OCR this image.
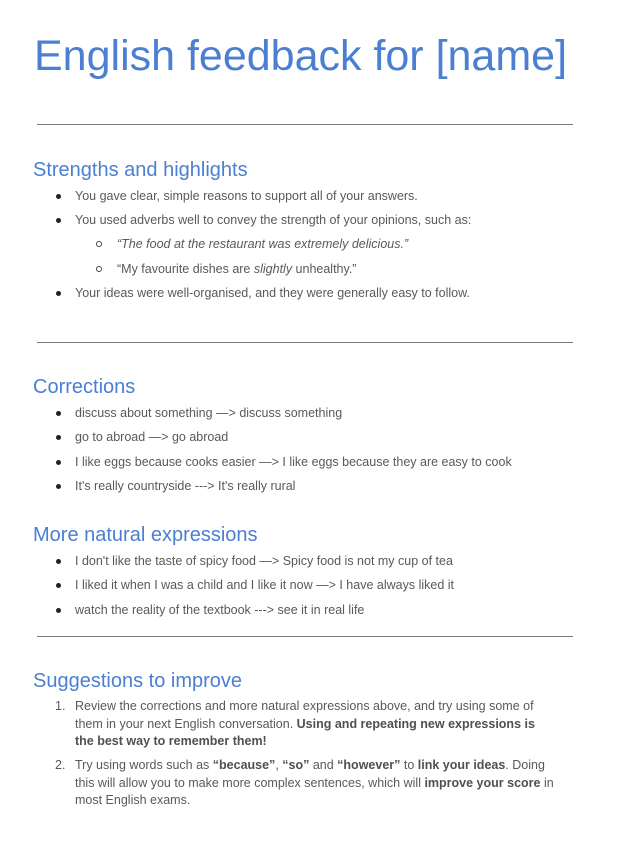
English feedback for [name]
Strengths and highlights
You gave clear, simple reasons to support all of your answers.
You used adverbs well to convey the strength of your opinions, such as:
“The food at the restaurant was extremely delicious.”
“My favourite dishes are slightly unhealthy.”
Your ideas were well-organised, and they were generally easy to follow.
Corrections
discuss about something —> discuss something
go to abroad —> go abroad
I like eggs because cooks easier —> I like eggs because they are easy to cook
It's really countryside ---> It's really rural
More natural expressions
I don't like the taste of spicy food —> Spicy food is not my cup of tea
I liked it when I was a child and I like it now —> I have always liked it
watch the reality of the textbook ---> see it in real life
Suggestions to improve
1. Review the corrections and more natural expressions above, and try using some of
them in your next English conversation. Using and repeating new expressions is
the best way to remember them!
2. Try using words such as “because”, “so” and “however” to link your ideas. Doing
this will allow you to make more complex sentences, which will improve your score in
most English exams.
